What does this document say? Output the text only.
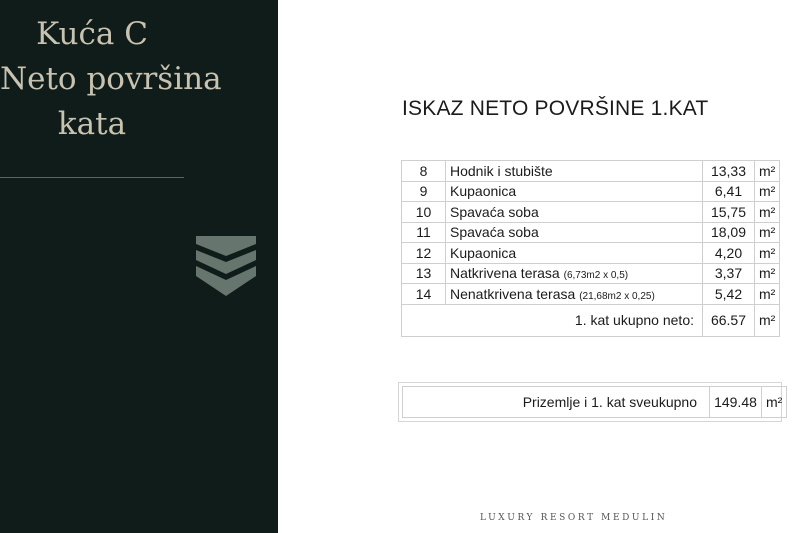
Kuća C
Neto površina
kata	ISKAZ NETO POVRŠINE 1.KAT
8	Hodnik i stubište	13,33	m²
9	Kupaonica	6,41	m²
10	Spavaća soba	15,75	m²
11	Spavaća soba	18,09	m²
12	Kupaonica	4,20	m²
13	Natkrivena terasa (6,73m2 x 0,5)	3,37	m²
14	Nenatkrivena terasa (21,68m2 x 0,25)	5,42	m²
1. kat ukupno neto:		66.57	m²
Prizemlje i 1. kat sveukupno	149.48	m²
LUXURY RESORT MEDULIN
